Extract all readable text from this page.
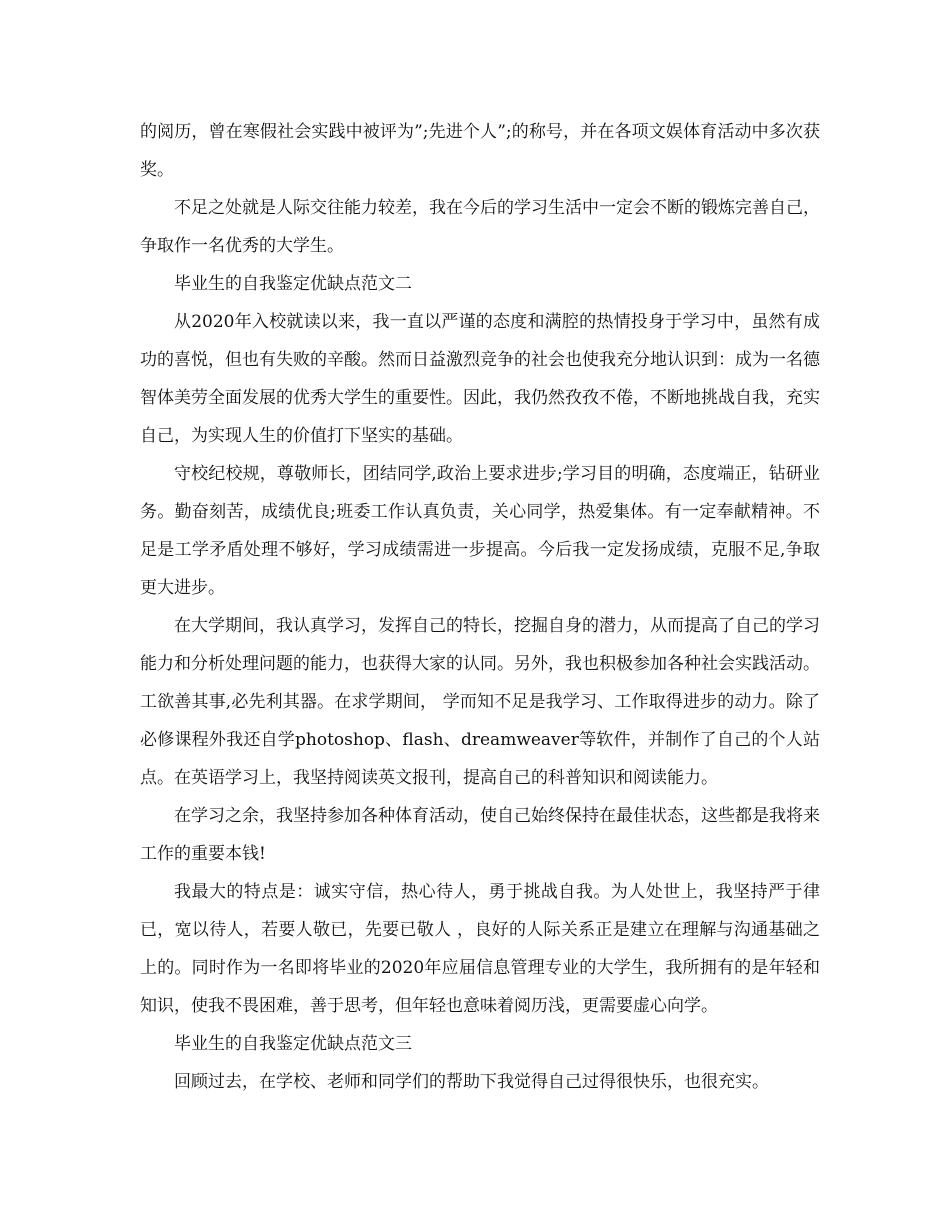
的阅历，曾在寒假社会实践中被评为”;先进个人”;的称号，并在各项文娱体育活动中多次获奖。

不足之处就是人际交往能力较差，我在今后的学习生活中一定会不断的锻炼完善自己，争取作一名优秀的大学生。

毕业生的自我鉴定优缺点范文二

从2020年入校就读以来，我一直以严谨的态度和满腔的热情投身于学习中，虽然有成功的喜悦，但也有失败的辛酸。然而日益激烈竞争的社会也使我充分地认识到：成为一名德智体美劳全面发展的优秀大学生的重要性。因此，我仍然孜孜不倦，不断地挑战自我，充实自己，为实现人生的价值打下坚实的基础。

守校纪校规，尊敬师长，团结同学,政治上要求进步;学习目的明确，态度端正，钻研业务。勤奋刻苦，成绩优良;班委工作认真负责，关心同学，热爱集体。有一定奉献精神。不足是工学矛盾处理不够好，学习成绩需进一步提高。今后我一定发扬成绩，克服不足,争取更大进步。

在大学期间，我认真学习，发挥自己的特长，挖掘自身的潜力，从而提高了自己的学习能力和分析处理问题的能力，也获得大家的认同。另外，我也积极参加各种社会实践活动。工欲善其事,必先利其器。在求学期间， 学而知不足是我学习、工作取得进步的动力。除了必修课程外我还自学photoshop、flash、dreamweaver等软件，并制作了自己的个人站点。在英语学习上，我坚持阅读英文报刊，提高自己的科普知识和阅读能力。

在学习之余，我坚持参加各种体育活动，使自己始终保持在最佳状态，这些都是我将来工作的重要本钱!

我最大的特点是：诚实守信，热心待人，勇于挑战自我。为人处世上，我坚持严于律已，宽以待人，若要人敬已，先要已敬人 ，良好的人际关系正是建立在理解与沟通基础之上的。同时作为一名即将毕业的2020年应届信息管理专业的大学生，我所拥有的是年轻和知识，使我不畏困难，善于思考，但年轻也意味着阅历浅，更需要虚心向学。

毕业生的自我鉴定优缺点范文三

回顾过去，在学校、老师和同学们的帮助下我觉得自己过得很快乐，也很充实。
